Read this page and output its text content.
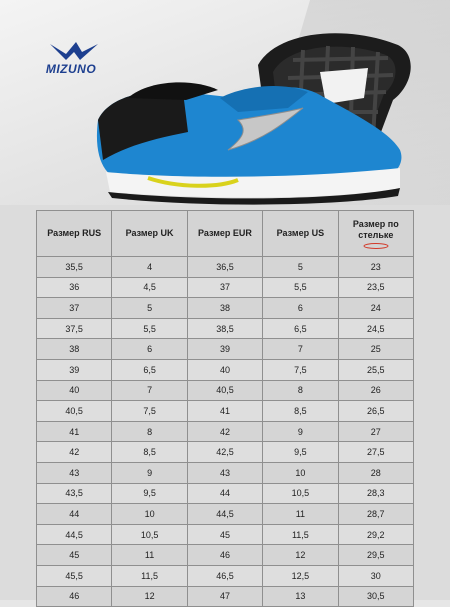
MIZUNO
Размер RUS	Размер UK	Размер EUR	Размер US	Размер по стельке

35,5	4	36,5	5	23
36	4,5	37	5,5	23,5
37	5	38	6	24
37,5	5,5	38,5	6,5	24,5
38	6	39	7	25
39	6,5	40	7,5	25,5
40	7	40,5	8	26
40,5	7,5	41	8,5	26,5
41	8	42	9	27
42	8,5	42,5	9,5	27,5
43	9	43	10	28
43,5	9,5	44	10,5	28,3
44	10	44,5	11	28,7
44,5	10,5	45	11,5	29,2
45	11	46	12	29,5
45,5	11,5	46,5	12,5	30
46	12	47	13	30,5
